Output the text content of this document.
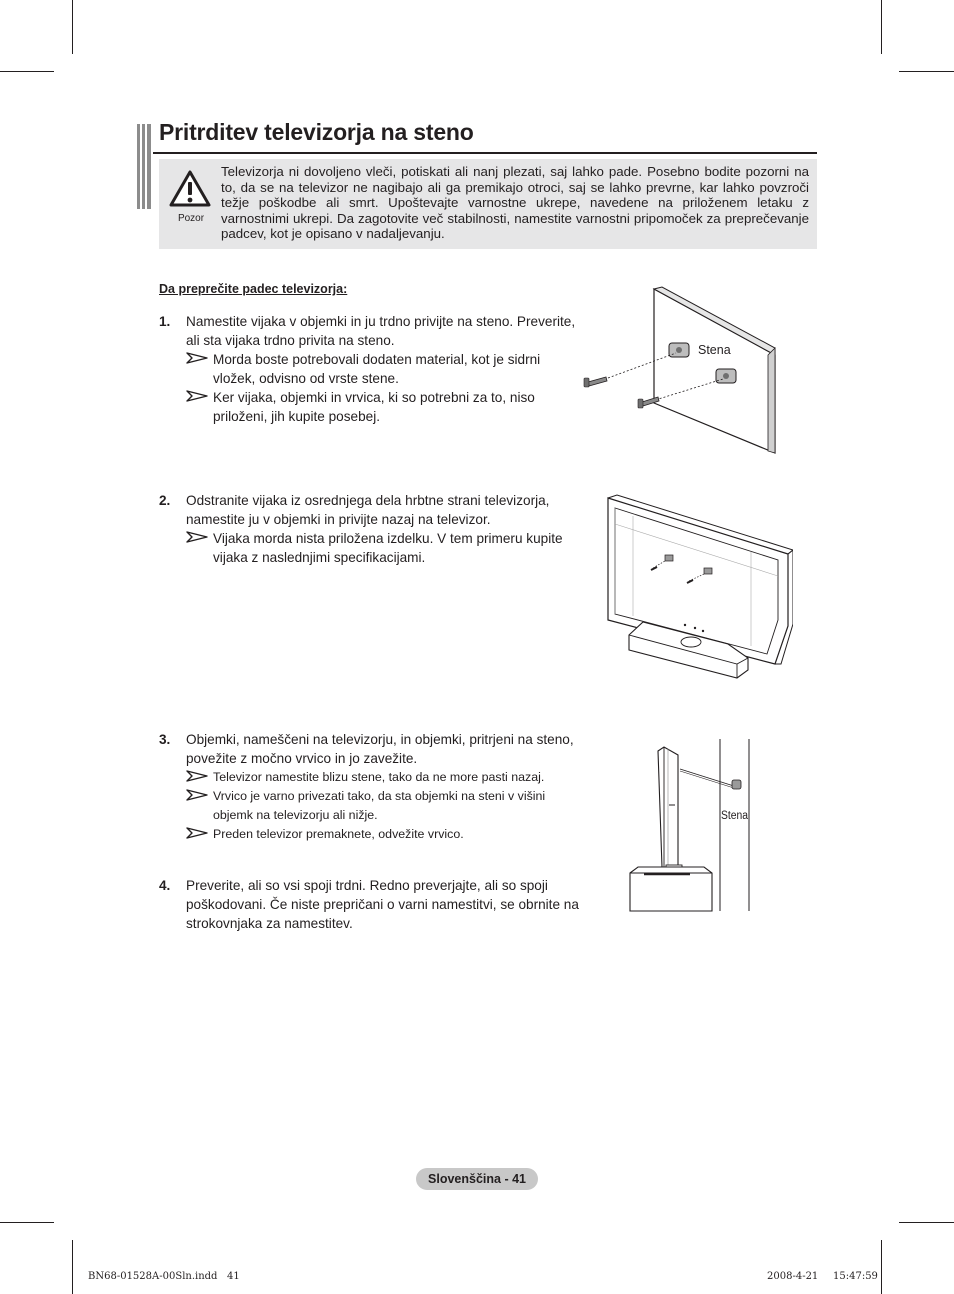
Pritrditev televizorja na steno
Pozor
Televizorja ni dovoljeno vleči, potiskati ali nanj plezati, saj lahko pade. Posebno bodite pozorni na to, da se na televizor ne nagibajo ali ga premikajo otroci, saj se lahko prevrne, kar lahko povzroči težje poškodbe ali smrt. Upoštevajte varnostne ukrepe, navedene na priloženem letaku z varnostnimi ukrepi. Da zagotovite več stabilnosti, namestite varnostni pripomoček za preprečevanje padcev, kot je opisano v nadaljevanju.
Da preprečite padec televizorja:
1. Namestite vijaka v objemki in ju trdno privijte na steno. Preverite, ali sta vijaka trdno privita na steno.
Morda boste potrebovali dodaten material, kot je sidrni vložek, odvisno od vrste stene.
Ker vijaka, objemki in vrvica, ki so potrebni za to, niso priloženi, jih kupite posebej.
2. Odstranite vijaka iz osrednjega dela hrbtne strani televizorja, namestite ju v objemki in privijte nazaj na televizor.
Vijaka morda nista priložena izdelku. V tem primeru kupite vijaka z naslednjimi specifikacijami.
3. Objemki, nameščeni na televizorju, in objemki, pritrjeni na steno, povežite z močno vrvico in jo zavežite.
Televizor namestite blizu stene, tako da ne more pasti nazaj.
Vrvico je varno privezati tako, da sta objemki na steni v višini objemk na televizorju ali nižje.
Preden televizor premaknete, odvežite vrvico.
4. Preverite, ali so vsi spoji trdni. Redno preverjajte, ali so spoji poškodovani. Če niste prepričani o varni namestitvi, se obrnite na strokovnjaka za namestitev.
Stena
Stena
Slovenščina - 41
BN68-01528A-00Sln.indd   41	2008-4-21 15:47:59
